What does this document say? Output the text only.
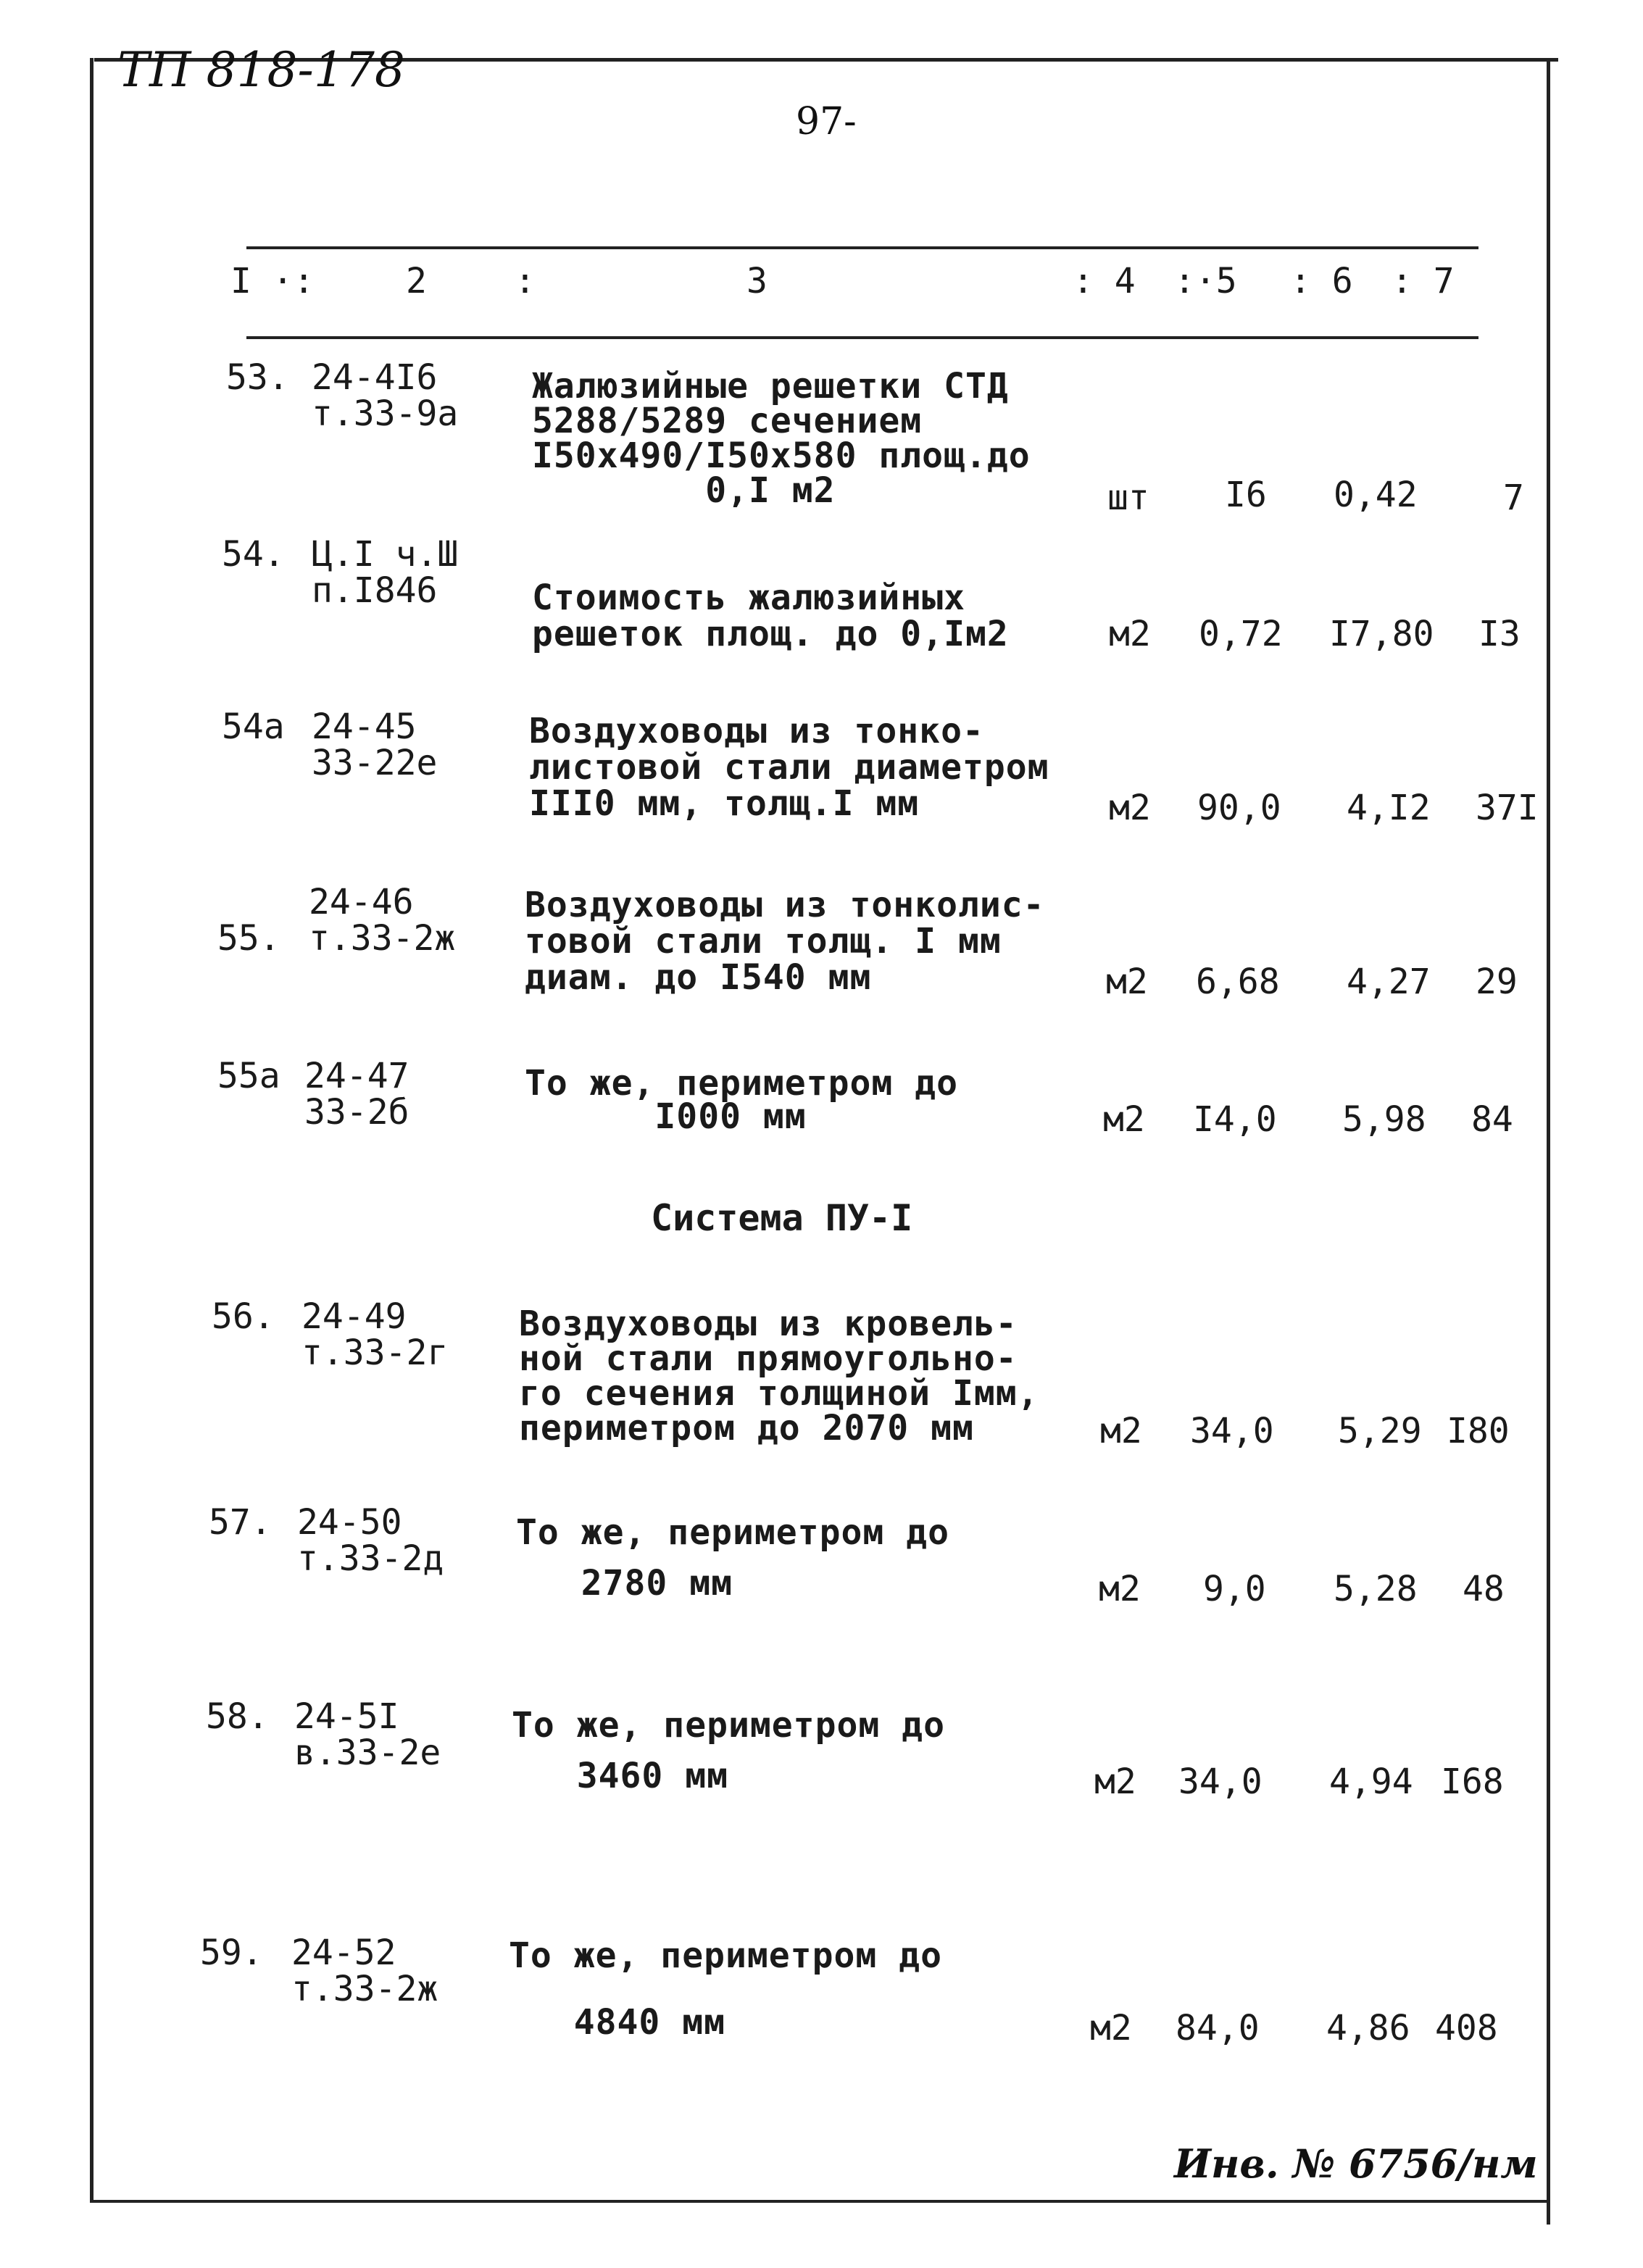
ТП 818-178
97-
I ·:	2	:	3	: 4 :·5 : 6 : 7
53. 24-4I6
т.33-9а
Жалюзийные решетки СТД
5288/5289 сечением
I50х490/I50х580 площ.до
0,I м2	шт I6 0,42 7
54. Ц.I ч.Ш
п.I846	Стоимость жалюзийных
решеток площ. до 0,Iм2	м2 0,72 I7,80 I3
54а 24-45
33-22е
Воздуховоды из тонко-
листовой стали диаметром
III0 мм, толщ.I мм	м2 90,0 4,I2 37I
24-46
55. т.33-2ж
Воздуховоды из тонколис-
товой стали толщ. I мм
диам. до I540 мм	м2 6,68 4,27 29
55а 24-47
33-2б
То же, периметром до
I000 мм	м2 I4,0 5,98 84
Система ПУ-I
56. 24-49
т.33-2г
Воздуховоды из кровель-
ной стали прямоугольно-
го сечения толщиной Iмм,
периметром до 2070 мм	м2 34,0 5,29 I80
57. 24-50
т.33-2д
То же, периметром до
2780 мм	м2 9,0 5,28 48
58. 24-5I
в.33-2е
То же, периметром до
3460 мм	м2 34,0 4,94 I68
59. 24-52
т.33-2ж
То же, периметром до
4840 мм	м2 84,0 4,86 408
Инв. № 6756/нм
